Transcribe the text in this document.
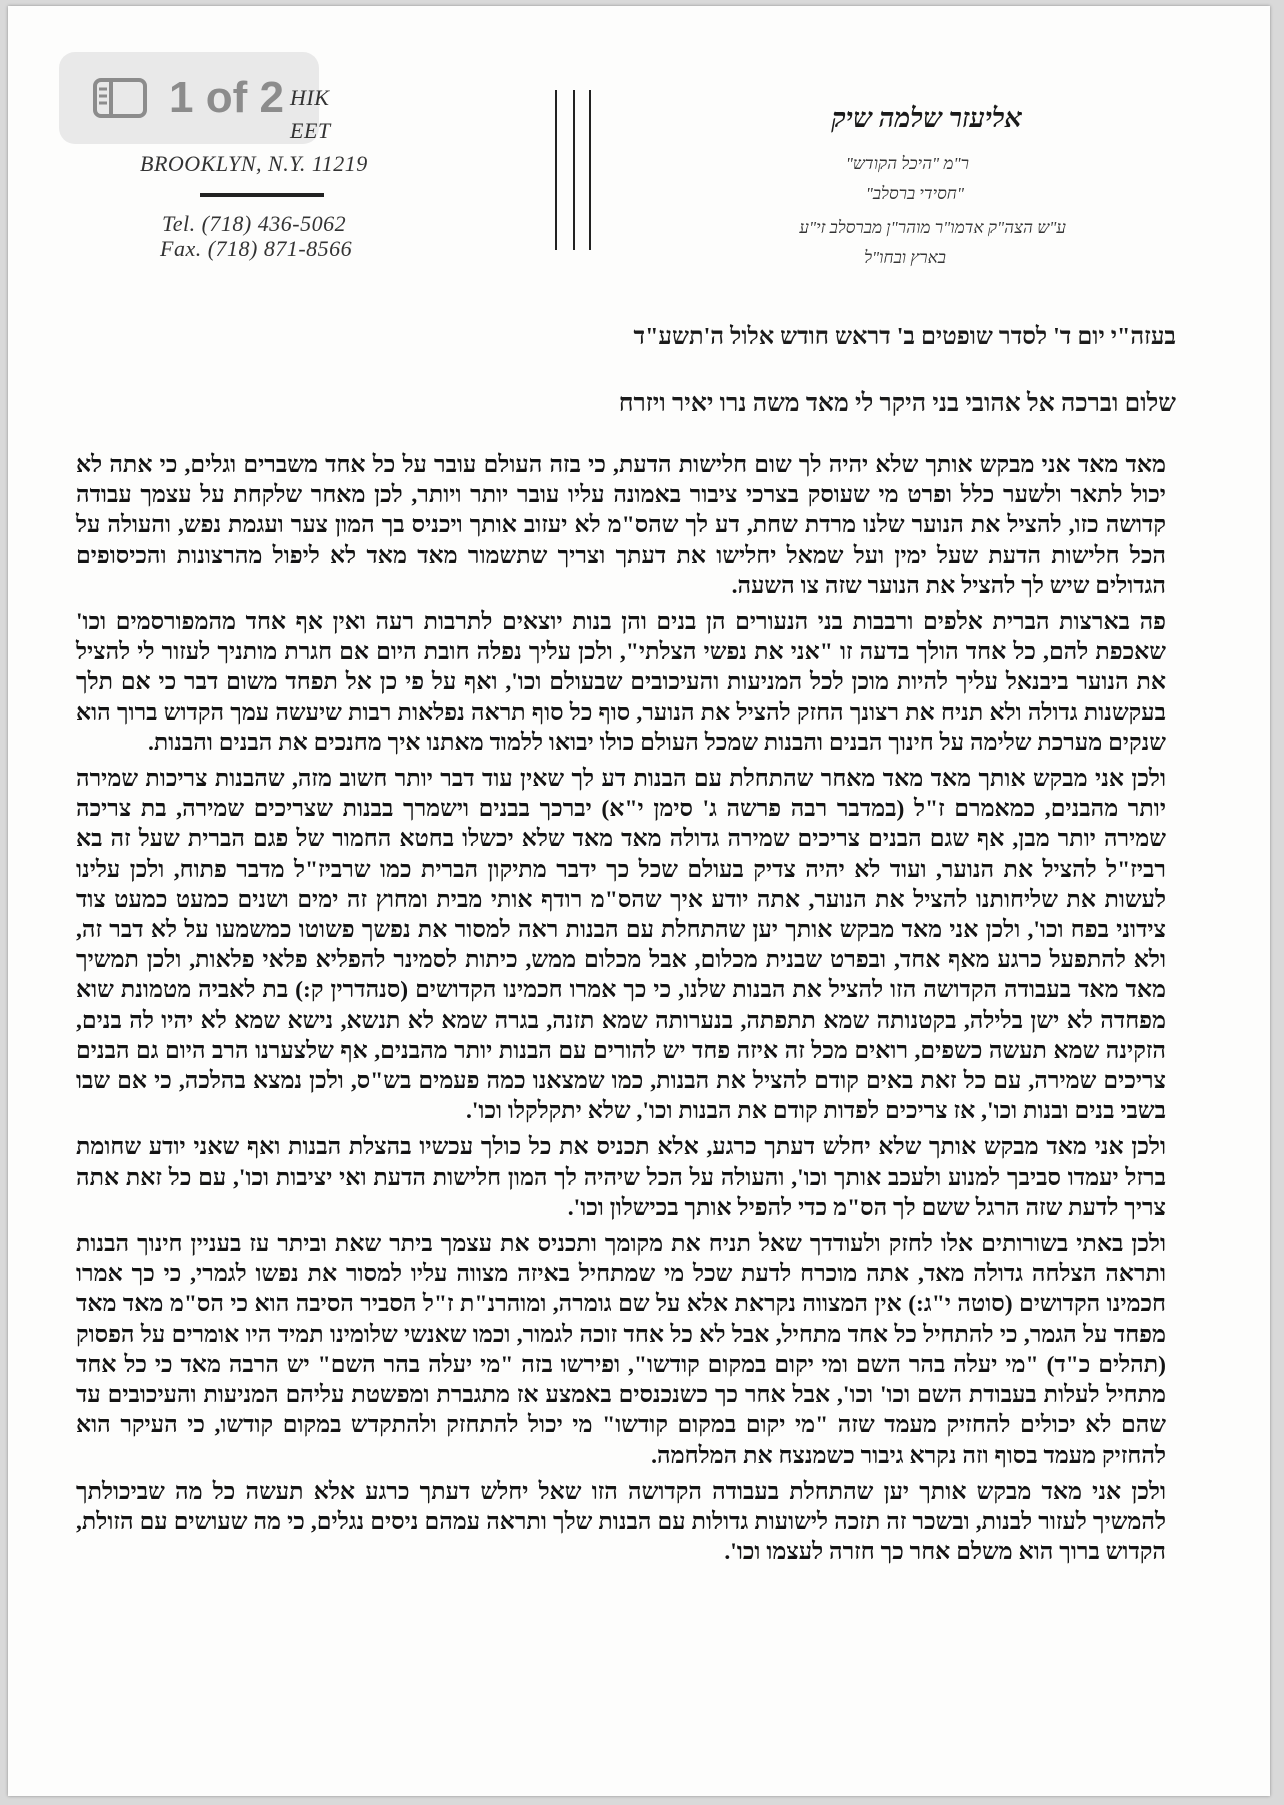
1 of 2 HIK
EET
BROOKLYN, N.Y. 11219
Tel. (718) 436-5062
Fax. (718) 871-8566
אליעזר שלמה שיק
ר"מ "היכל הקודש"
"חסידי ברסלב"
ע"ש הצה"ק אדמו"ר מוהר"ן מברסלב זי"ע
בארץ ובחו"ל
בעזה"י יום ד' לסדר שופטים ב' דראש חודש אלול ה'תשע"ד
שלום וברכה אל אהובי בני היקר לי מאד משה נרו יאיר ויזרח

מאד מאד אני מבקש אותך שלא יהיה לך שום חלישות הדעת, כי בזה העולם עובר על כל אחד משברים וגלים, כי אתה לא יכול לתאר ולשער כלל ופרט מי שעוסק בצרכי ציבור באמונה עליו עובר יותר ויותר, לכן מאחר שלקחת על עצמך עבודה קדושה כזו, להציל את הנוער שלנו מרדת שחת, דע לך שהס"מ לא יעזוב אותך ויכניס בך המון צער ועגמת נפש, והעולה על הכל חלישות הדעת שעל ימין ועל שמאל יחלישו את דעתך וצריך שתשמור מאד מאד לא ליפול מהרצונות והכיסופים הגדולים שיש לך להציל את הנוער שזה צו השעה.

פה בארצות הברית אלפים ורבבות בני הנעורים הן בנים והן בנות יוצאים לתרבות רעה ואין אף אחד מהמפורסמים וכו' שאכפת להם, כל אחד הולך בדעה זו "אני את נפשי הצלתי", ולכן עליך נפלה חובת היום אם חגרת מותניך לעזור לי להציל את הנוער ביבנאל עליך להיות מוכן לכל המניעות והעיכובים שבעולם וכו', ואף על פי כן אל תפחד משום דבר כי אם תלך בעקשנות גדולה ולא תניח את רצונך החזק להציל את הנוער, סוף כל סוף תראה נפלאות רבות שיעשה עמך הקדוש ברוך הוא שנקים מערכת שלימה על חינוך הבנים והבנות שמכל העולם כולו יבואו ללמוד מאתנו איך מחנכים את הבנים והבנות.

ולכן אני מבקש אותך מאד מאד מאחר שהתחלת עם הבנות דע לך שאין עוד דבר יותר חשוב מזה, שהבנות צריכות שמירה יותר מהבנים, כמאמרם ז"ל (במדבר רבה פרשה ג' סימן י"א) יברכך בבנים וישמרך בבנות שצריכים שמירה, בת צריכה שמירה יותר מבן, אף שגם הבנים צריכים שמירה גדולה מאד מאד שלא יכשלו בחטא החמור של פגם הברית שעל זה בא רביז"ל להציל את הנוער, ועוד לא יהיה צדיק בעולם שכל כך ידבר מתיקון הברית כמו שרביז"ל מדבר פתוח, ולכן עלינו לעשות את שליחותנו להציל את הנוער, אתה יודע איך שהס"מ רודף אותי מבית ומחוץ זה ימים ושנים כמעט כמעט צוד צידוני בפח וכו', ולכן אני מאד מבקש אותך יען שהתחלת עם הבנות ראה למסור את נפשך פשוטו כמשמעו על לא דבר זה, ולא להתפעל כרגע מאף אחד, ובפרט שבנית מכלום, אבל מכלום ממש, כיתות לסמינר להפליא פלאי פלאות, ולכן תמשיך מאד מאד בעבודה הקדושה הזו להציל את הבנות שלנו, כי כך אמרו חכמינו הקדושים (סנהדרין ק:) בת לאביה מטמונת שוא מפחדה לא ישן בלילה, בקטנותה שמא תתפתה, בנערותה שמא תזנה, בגרה שמא לא תנשא, נישא שמא לא יהיו לה בנים, הזקינה שמא תעשה כשפים, רואים מכל זה איזה פחד יש להורים עם הבנות יותר מהבנים, אף שלצערנו הרב היום גם הבנים צריכים שמירה, עם כל זאת באים קודם להציל את הבנות, כמו שמצאנו כמה פעמים בש"ס, ולכן נמצא בהלכה, כי אם שבו בשבי בנים ובנות וכו', אז צריכים לפדות קודם את הבנות וכו', שלא יתקלקלו וכו'.

ולכן אני מאד מבקש אותך שלא יחלש דעתך כרגע, אלא תכניס את כל כולך עכשיו בהצלת הבנות ואף שאני יודע שחומת ברזל יעמדו סביבך למנוע ולעכב אותך וכו', והעולה על הכל שיהיה לך המון חלישות הדעת ואי יציבות וכו', עם כל זאת אתה צריך לדעת שזה הרגל ששם לך הס"מ כדי להפיל אותך בכישלון וכו'.

ולכן באתי בשורותים אלו לחזק ולעודדך שאל תניח את מקומך ותכניס את עצמך ביתר שאת וביתר עז בעניין חינוך הבנות ותראה הצלחה גדולה מאד, אתה מוכרח לדעת שכל מי שמתחיל באיזה מצווה עליו למסור את נפשו לגמרי, כי כך אמרו חכמינו הקדושים (סוטה י"ג:) אין המצווה נקראת אלא על שם גומרה, ומוהרנ"ת ז"ל הסביר הסיבה הוא כי הס"מ מאד מאד מפחד על הגמר, כי להתחיל כל אחד מתחיל, אבל לא כל אחד זוכה לגמור, וכמו שאנשי שלומינו תמיד היו אומרים על הפסוק (תהלים כ"ד) "מי יעלה בהר השם ומי יקום במקום קודשו", ופירשו בזה "מי יעלה בהר השם" יש הרבה מאד כי כל אחד מתחיל לעלות בעבודת השם וכו' וכו', אבל אחר כך כשנכנסים באמצע אז מתגברת ומפשטת עליהם המניעות והעיכובים עד שהם לא יכולים להחזיק מעמד שזה "מי יקום במקום קודשו" מי יכול להתחזק ולהתקדש במקום קודשו, כי העיקר הוא להחזיק מעמד בסוף וזה נקרא גיבור כשמנצח את המלחמה.

ולכן אני מאד מבקש אותך יען שהתחלת בעבודה הקדושה הזו שאל יחלש דעתך כרגע אלא תעשה כל מה שביכולתך להמשיך לעזור לבנות, ובשכר זה תזכה לישועות גדולות עם הבנות שלך ותראה עמהם ניסים נגלים, כי מה שעושים עם הזולת, הקדוש ברוך הוא משלם אחר כך חזרה לעצמו וכו'.
